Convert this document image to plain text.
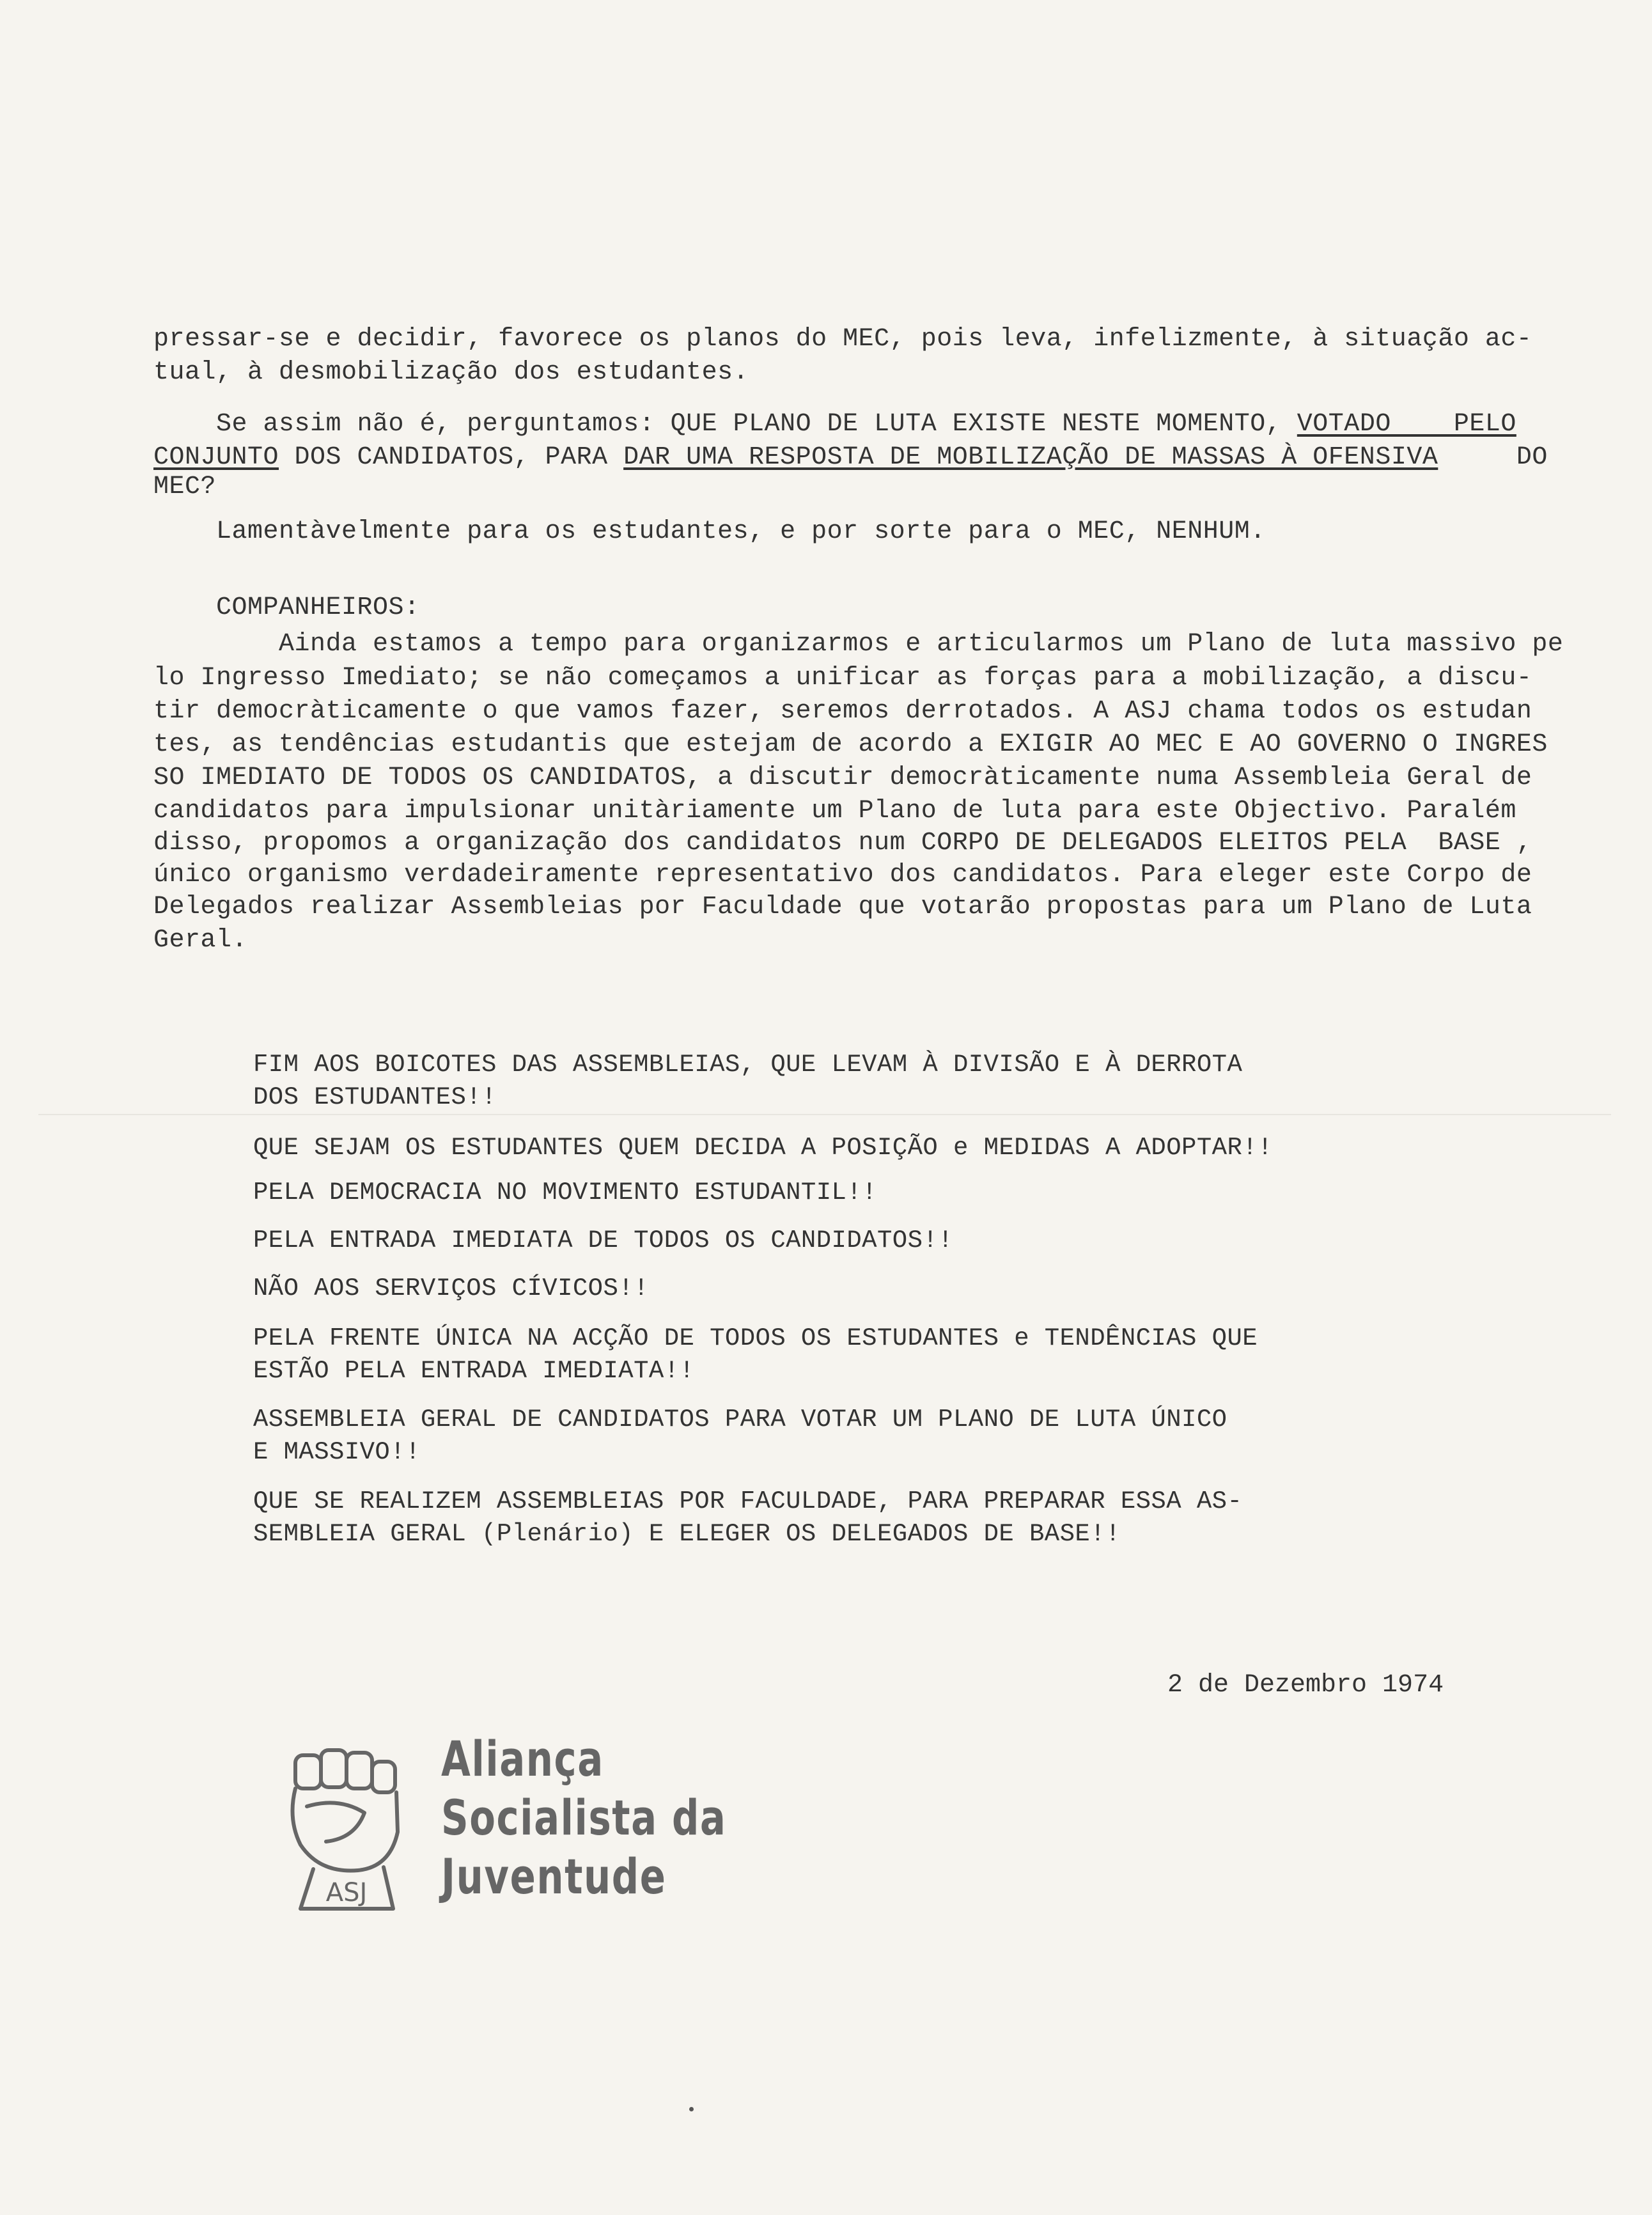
pressar-se e decidir, favorece os planos do MEC, pois leva, infelizmente, à situação ac-
tual, à desmobilização dos estudantes.
Se assim não é, perguntamos: QUE PLANO DE LUTA EXISTE NESTE MOMENTO, VOTADO    PELO
CONJUNTO DOS CANDIDATOS, PARA DAR UMA RESPOSTA DE MOBILIZAÇÃO DE MASSAS À OFENSIVA     DO
MEC?
Lamentàvelmente para os estudantes, e por sorte para o MEC, NENHUM.
COMPANHEIROS:
Ainda estamos a tempo para organizarmos e articularmos um Plano de luta massivo pe
lo Ingresso Imediato; se não começamos a unificar as forças para a mobilização, a discu-
tir democràticamente o que vamos fazer, seremos derrotados. A ASJ chama todos os estudan
tes, as tendências estudantis que estejam de acordo a EXIGIR AO MEC E AO GOVERNO O INGRES
SO IMEDIATO DE TODOS OS CANDIDATOS, a discutir democràticamente numa Assembleia Geral de
candidatos para impulsionar unitàriamente um Plano de luta para este Objectivo. Paralém
disso, propomos a organização dos candidatos num CORPO DE DELEGADOS ELEITOS PELA  BASE ,
único organismo verdadeiramente representativo dos candidatos. Para eleger este Corpo de
Delegados realizar Assembleias por Faculdade que votarão propostas para um Plano de Luta
Geral.
FIM AOS BOICOTES DAS ASSEMBLEIAS, QUE LEVAM À DIVISÃO E À DERROTA
DOS ESTUDANTES!!
QUE SEJAM OS ESTUDANTES QUEM DECIDA A POSIÇÃO e MEDIDAS A ADOPTAR!!
PELA DEMOCRACIA NO MOVIMENTO ESTUDANTIL!!
PELA ENTRADA IMEDIATA DE TODOS OS CANDIDATOS!!
NÃO AOS SERVIÇOS CÍVICOS!!
PELA FRENTE ÚNICA NA ACÇÃO DE TODOS OS ESTUDANTES e TENDÊNCIAS QUE
ESTÃO PELA ENTRADA IMEDIATA!!
ASSEMBLEIA GERAL DE CANDIDATOS PARA VOTAR UM PLANO DE LUTA ÚNICO
E MASSIVO!!
QUE SE REALIZEM ASSEMBLEIAS POR FACULDADE, PARA PREPARAR ESSA AS-
SEMBLEIA GERAL (Plenário) E ELEGER OS DELEGADOS DE BASE!!
2 de Dezembro 1974
ASJ
Aliança
Socialista da
Juventude
